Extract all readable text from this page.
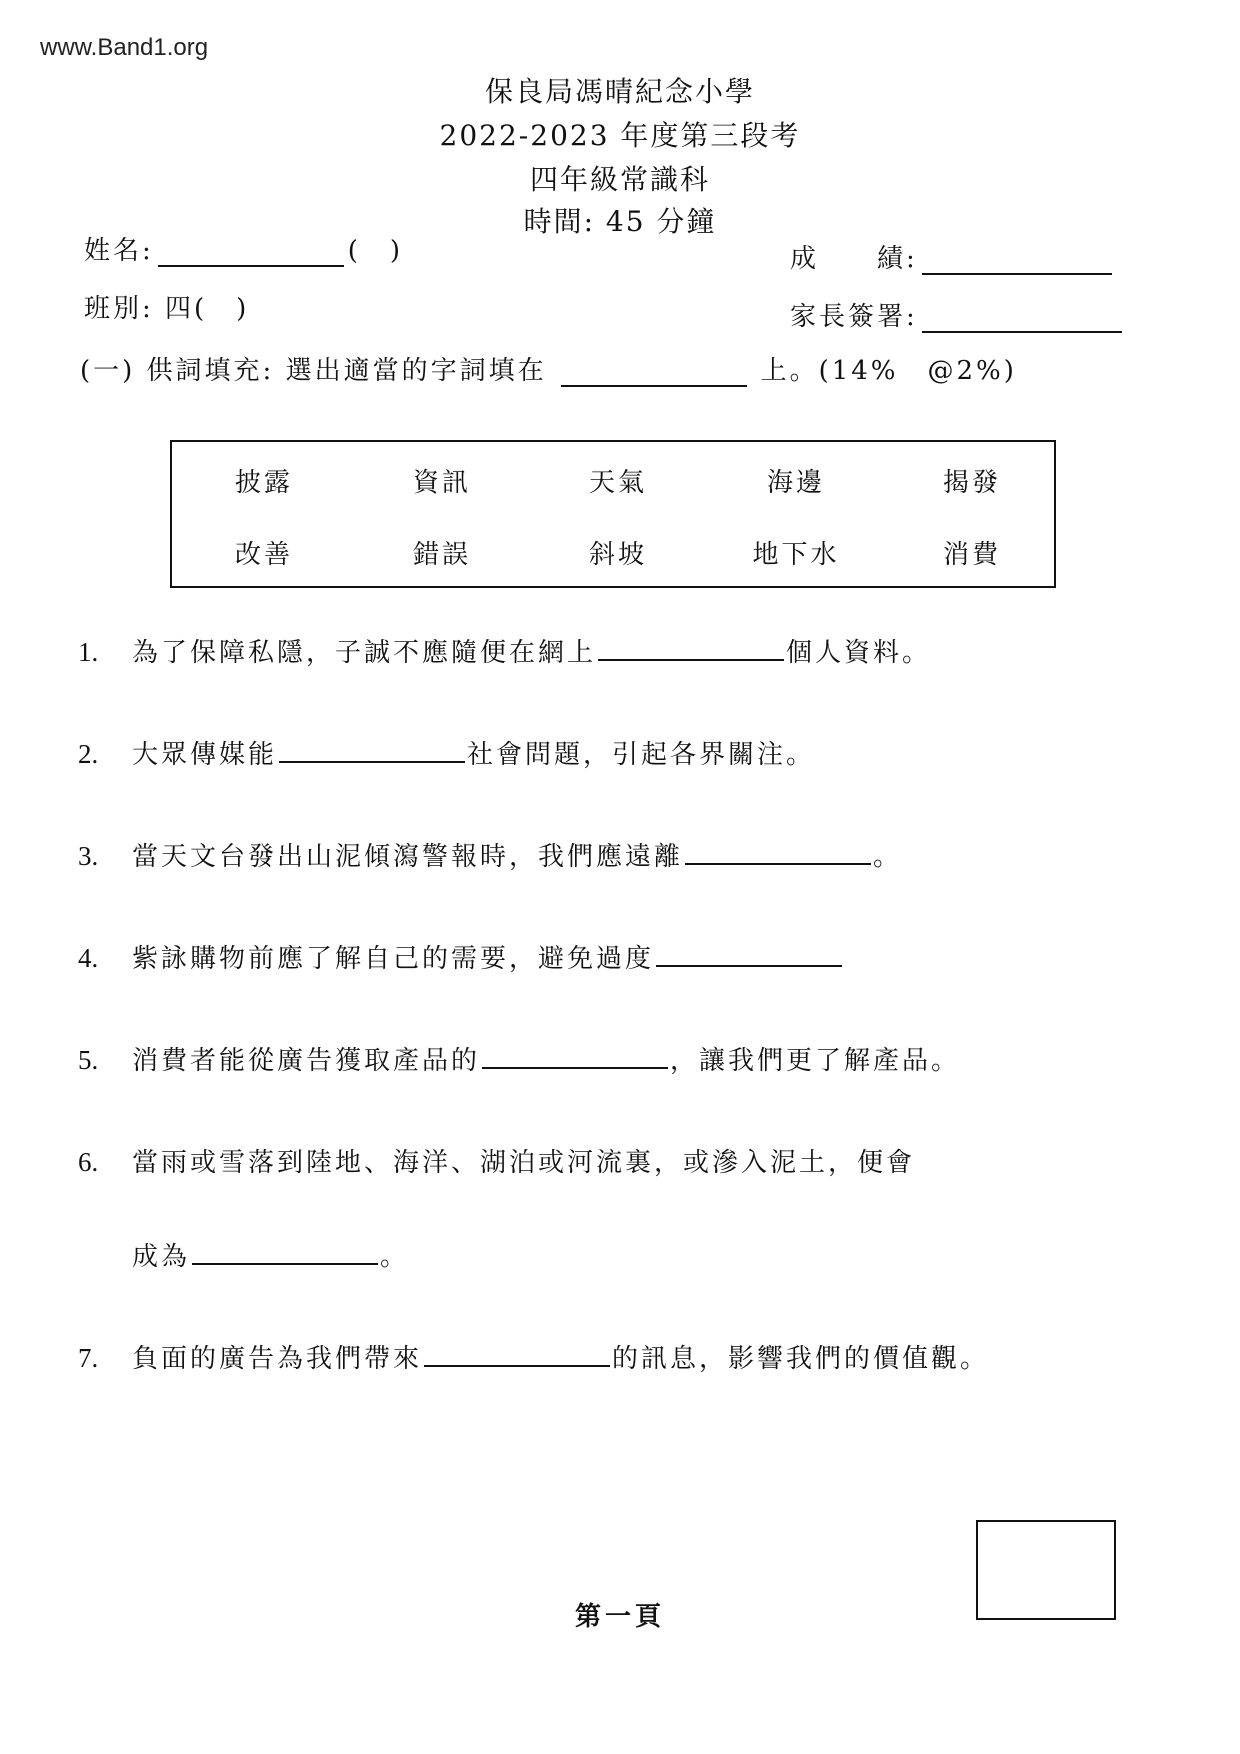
www.Band1.org
保良局馮晴紀念小學
2022-2023 年度第三段考
四年級常識科
時間: 45 分鐘
姓名:	(　)	成　　績:
班別: 四(　)	家長簽署:
(一) 供詞填充: 選出適當的字詞填在	上。(14%　@2%)
披露	資訊	天氣	海邊	揭發
改善	錯誤	斜坡	地下水	消費
1. 為了保障私隱，子誠不應隨便在網上	個人資料。
2. 大眾傳媒能	社會問題，引起各界關注。
3. 當天文台發出山泥傾瀉警報時，我們應遠離	。
4. 紫詠購物前應了解自己的需要，避免過度
5. 消費者能從廣告獲取產品的	，讓我們更了解產品。
6. 當雨或雪落到陸地、海洋、湖泊或河流裏，或滲入泥土，便會
成為	。
7. 負面的廣告為我們帶來	的訊息，影響我們的價值觀。
第一頁
